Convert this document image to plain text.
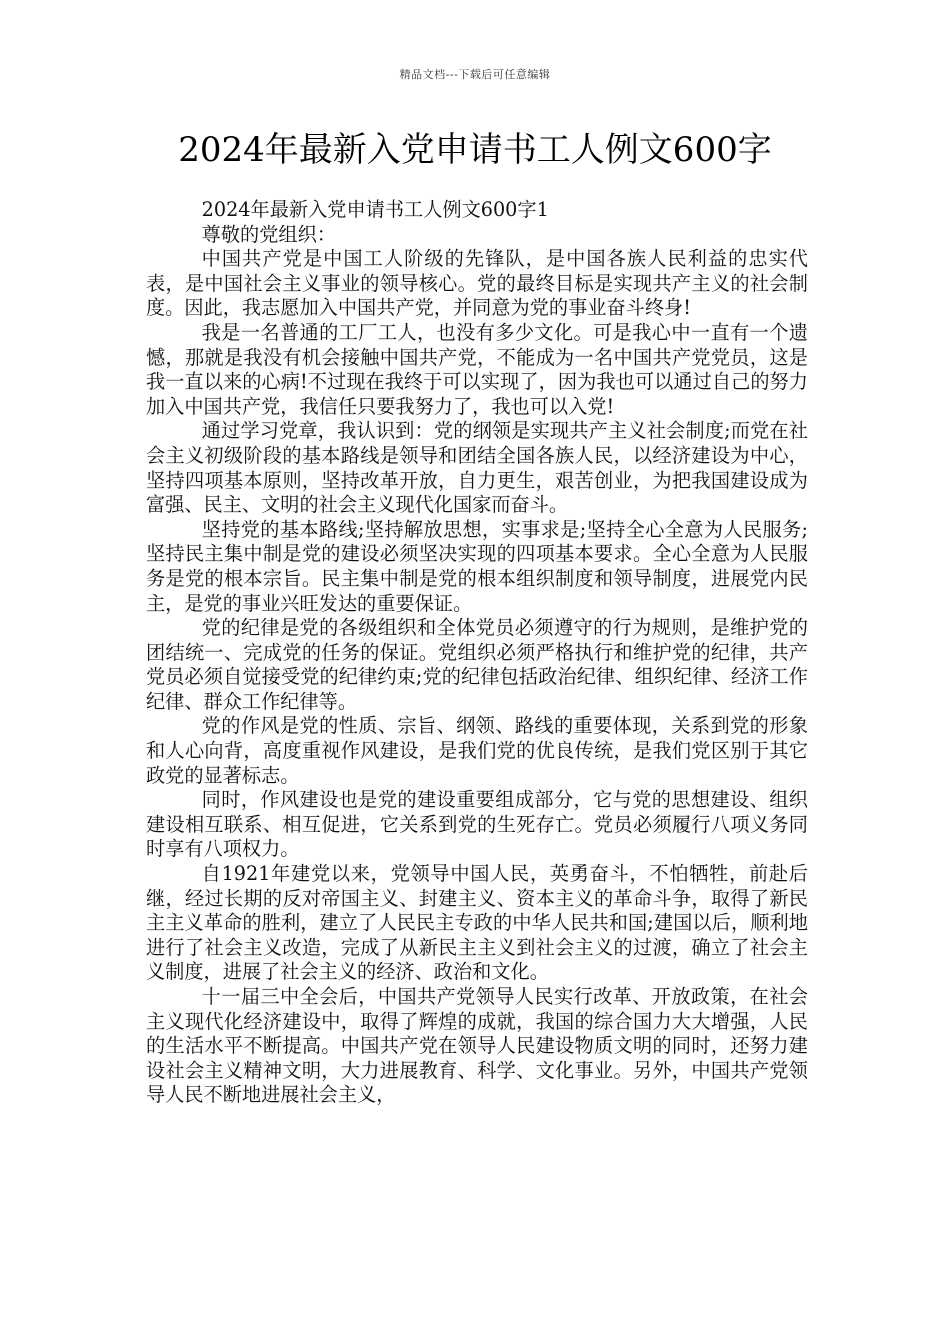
精品文档---下载后可任意编辑
2024年最新入党申请书工人例文600字

2024年最新入党申请书工人例文600字1

尊敬的党组织：

中国共产党是中国工人阶级的先锋队，是中国各族人民利益的忠实代表，是中国社会主义事业的领导核心。党的最终目标是实现共产主义的社会制度。因此，我志愿加入中国共产党，并同意为党的事业奋斗终身!

我是一名普通的工厂工人，也没有多少文化。可是我心中一直有一个遗憾，那就是我没有机会接触中国共产党，不能成为一名中国共产党党员，这是我一直以来的心病!不过现在我终于可以实现了，因为我也可以通过自己的努力加入中国共产党，我信任只要我努力了，我也可以入党!

通过学习党章，我认识到：党的纲领是实现共产主义社会制度;而党在社会主义初级阶段的基本路线是领导和团结全国各族人民，以经济建设为中心，坚持四项基本原则，坚持改革开放，自力更生，艰苦创业，为把我国建设成为富强、民主、文明的社会主义现代化国家而奋斗。

坚持党的基本路线;坚持解放思想，实事求是;坚持全心全意为人民服务;坚持民主集中制是党的建设必须坚决实现的四项基本要求。全心全意为人民服务是党的根本宗旨。民主集中制是党的根本组织制度和领导制度，进展党内民主，是党的事业兴旺发达的重要保证。

党的纪律是党的各级组织和全体党员必须遵守的行为规则，是维护党的团结统一、完成党的任务的保证。党组织必须严格执行和维护党的纪律，共产党员必须自觉接受党的纪律约束;党的纪律包括政治纪律、组织纪律、经济工作纪律、群众工作纪律等。

党的作风是党的性质、宗旨、纲领、路线的重要体现，关系到党的形象和人心向背，高度重视作风建设，是我们党的优良传统，是我们党区别于其它政党的显著标志。

同时，作风建设也是党的建设重要组成部分，它与党的思想建设、组织建设相互联系、相互促进，它关系到党的生死存亡。党员必须履行八项义务同时享有八项权力。

自1921年建党以来，党领导中国人民，英勇奋斗，不怕牺牲，前赴后继，经过长期的反对帝国主义、封建主义、资本主义的革命斗争，取得了新民主主义革命的胜利，建立了人民民主专政的中华人民共和国;建国以后，顺利地进行了社会主义改造，完成了从新民主主义到社会主义的过渡，确立了社会主义制度，进展了社会主义的经济、政治和文化。

十一届三中全会后，中国共产党领导人民实行改革、开放政策，在社会主义现代化经济建设中，取得了辉煌的成就，我国的综合国力大大增强，人民的生活水平不断提高。中国共产党在领导人民建设物质文明的同时，还努力建设社会主义精神文明，大力进展教育、科学、文化事业。另外，中国共产党领导人民不断地进展社会主义，
